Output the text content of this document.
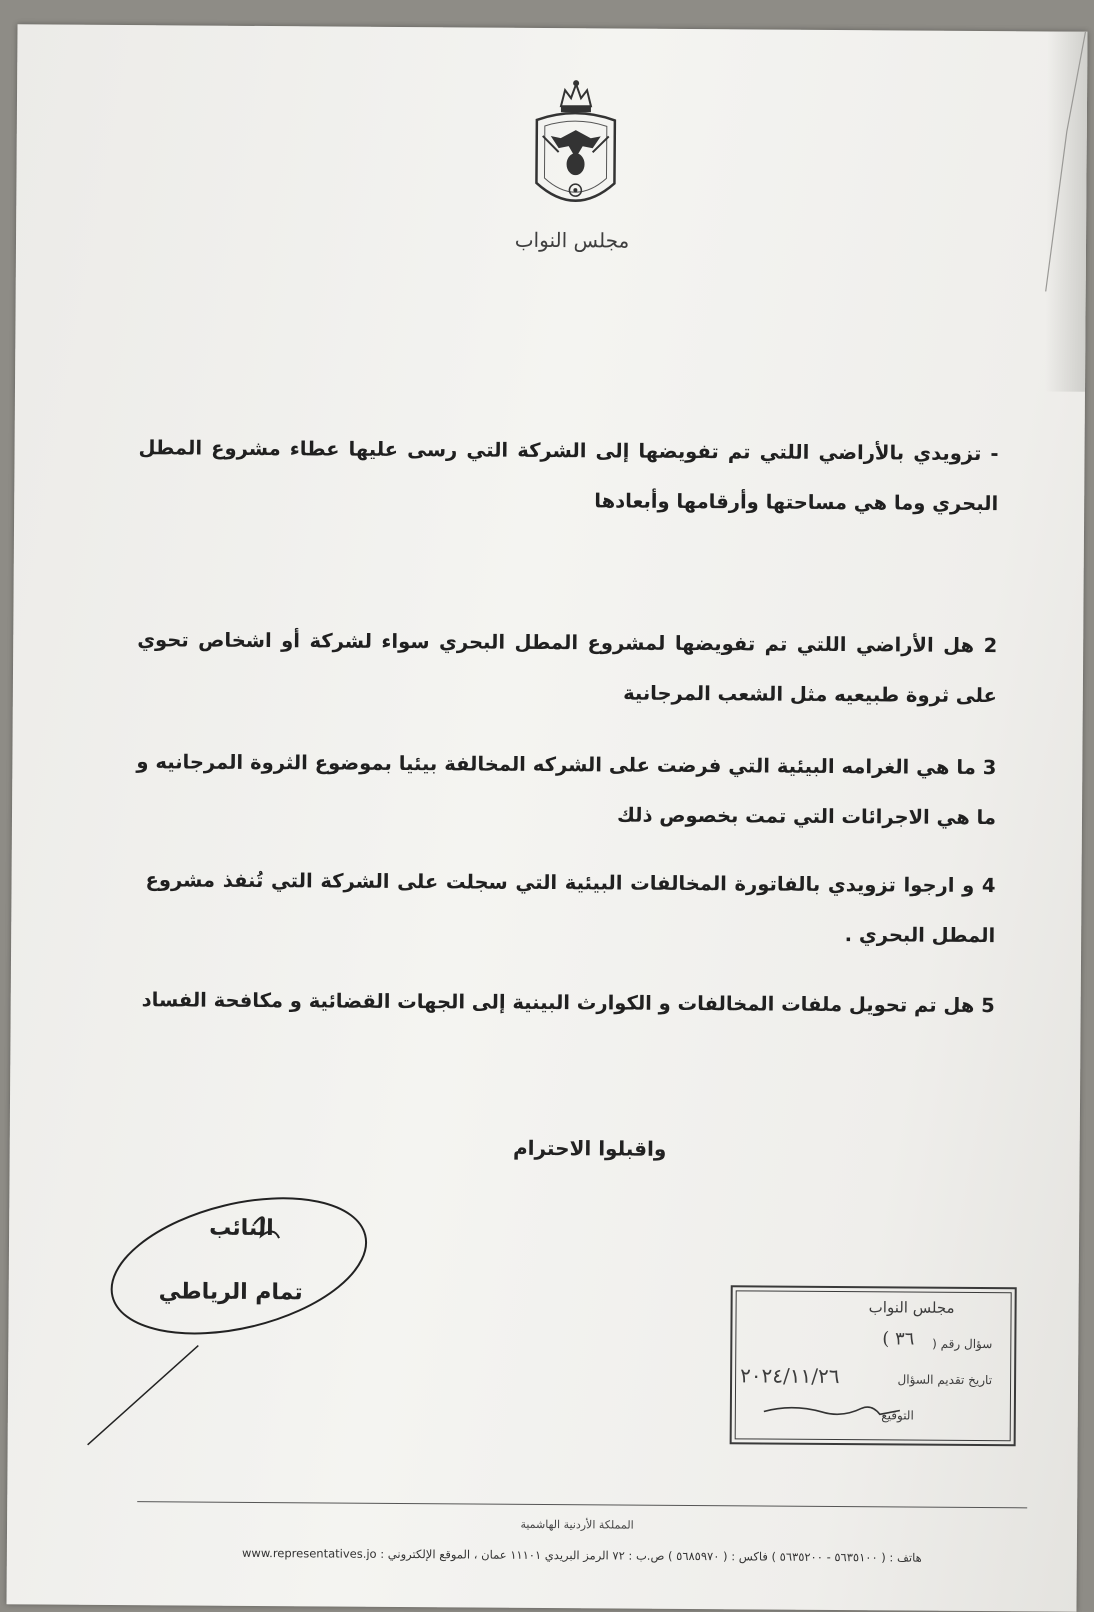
مجلس النواب
- تزويدي بالأراضي اللتي تم تفويضها إلى الشركة التي رسى عليها عطاء مشروع المطل البحري وما هي مساحتها وأرقامها وأبعادها
2 هل الأراضي اللتي تم تفويضها لمشروع المطل البحري سواء لشركة أو اشخاص تحوي على ثروة طبيعيه مثل الشعب المرجانية
3 ما هي الغرامه البيئية التي فرضت على الشركه المخالفة بيئيا بموضوع الثروة المرجانيه و ما هي الاجرائات التي تمت بخصوص ذلك
4 و ارجوا تزويدي بالفاتورة المخالفات البيئية التي سجلت على الشركة التي تُنفذ مشروع المطل البحري .
5 هل تم تحويل ملفات المخالفات و الكوارث البينية إلى الجهات القضائية و مكافحة الفساد
واقبلوا الاحترام
النائب
تمام الرياطي
مجلس النواب
سؤال رقم (
٣٦ )
تاريخ تقديم السؤال
٢٠٢٤/١١/٢٦
التوقيع
المملكة الأردنية الهاشمية
هاتف : ( ٥٦٣٥١٠٠ - ٥٦٣٥٢٠٠ ) فاكس : ( ٥٦٨٥٩٧٠ ) ص.ب : ٧٢ الرمز البريدي ١١١٠١ عمان ، الموقع الإلكتروني : www.representatives.jo
